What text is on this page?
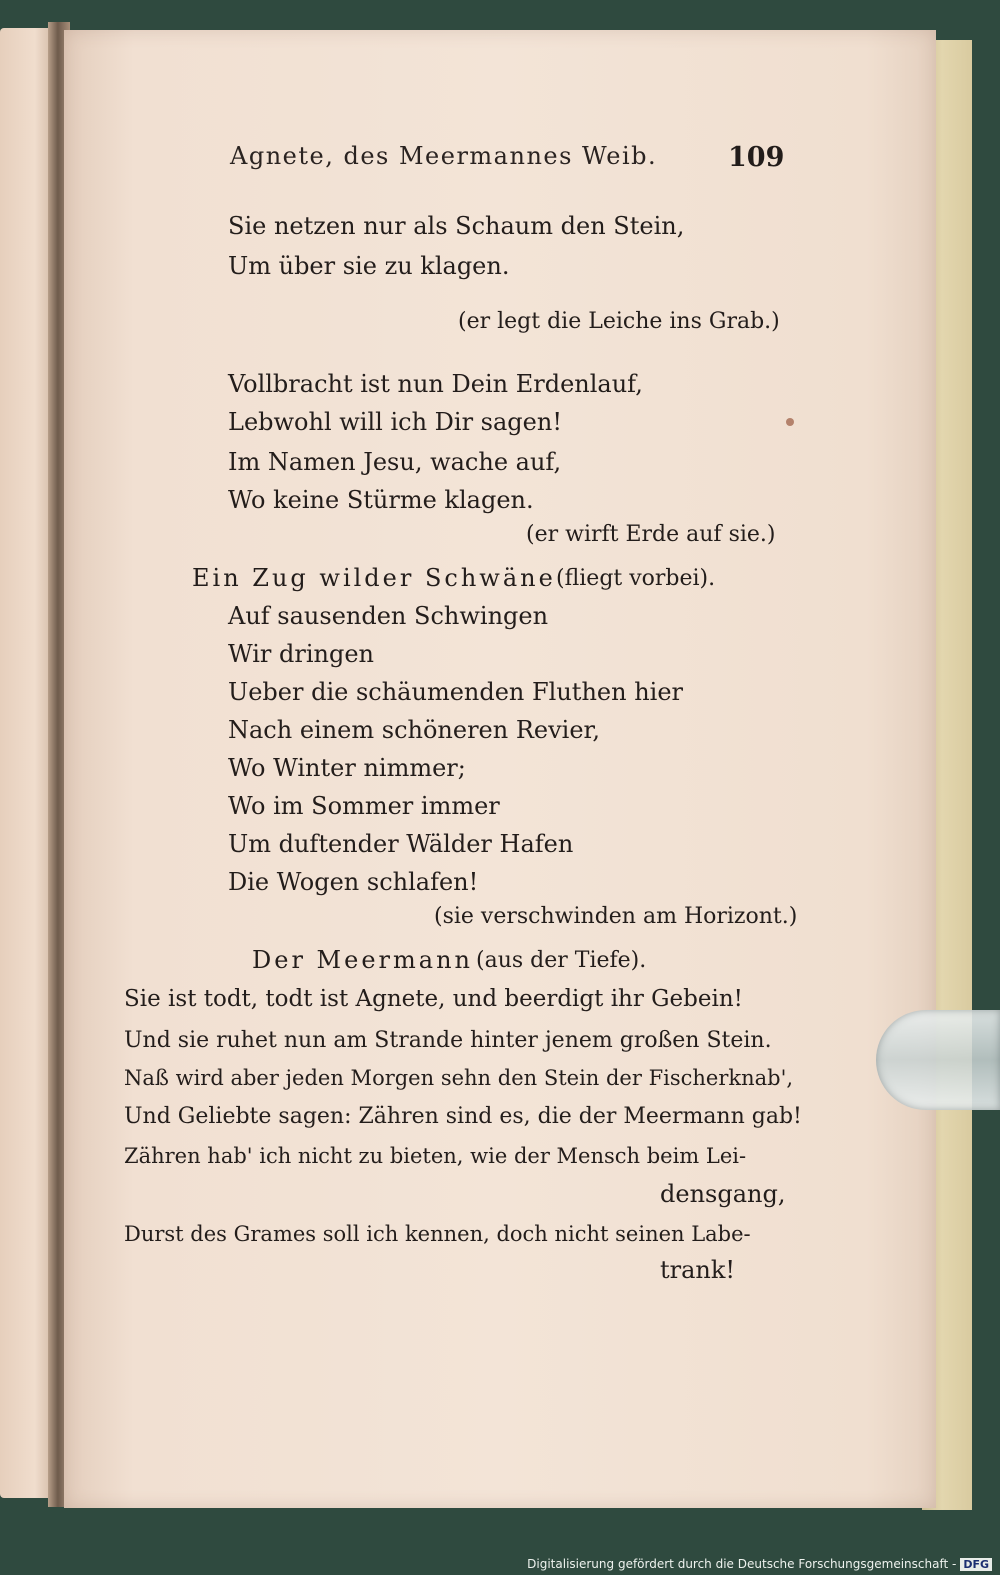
Agnete, des Meermannes Weib.	109
Sie netzen nur als Schaum den Stein,
Um über sie zu klagen.
(er legt die Leiche ins Grab.)
Vollbracht ist nun Dein Erdenlauf,
Lebwohl will ich Dir sagen!
Im Namen Jesu, wache auf,
Wo keine Stürme klagen.
(er wirft Erde auf sie.)
Ein Zug wilder Schwäne (fliegt vorbei).
Auf sausenden Schwingen
Wir dringen
Ueber die schäumenden Fluthen hier
Nach einem schöneren Revier,
Wo Winter nimmer;
Wo im Sommer immer
Um duftender Wälder Hafen
Die Wogen schlafen!
(sie verschwinden am Horizont.)
Der Meermann (aus der Tiefe).
Sie ist todt, todt ist Agnete, und beerdigt ihr Gebein!
Und sie ruhet nun am Strande hinter jenem großen Stein.
Naß wird aber jeden Morgen sehn den Stein der Fischerknab',
Und Geliebte sagen: Zähren sind es, die der Meermann gab!
Zähren hab' ich nicht zu bieten, wie der Mensch beim Lei-
densgang,
Durst des Grames soll ich kennen, doch nicht seinen Labe-
trank!
Digitalisierung gefördert durch die Deutsche Forschungsgemeinschaft - DFG
